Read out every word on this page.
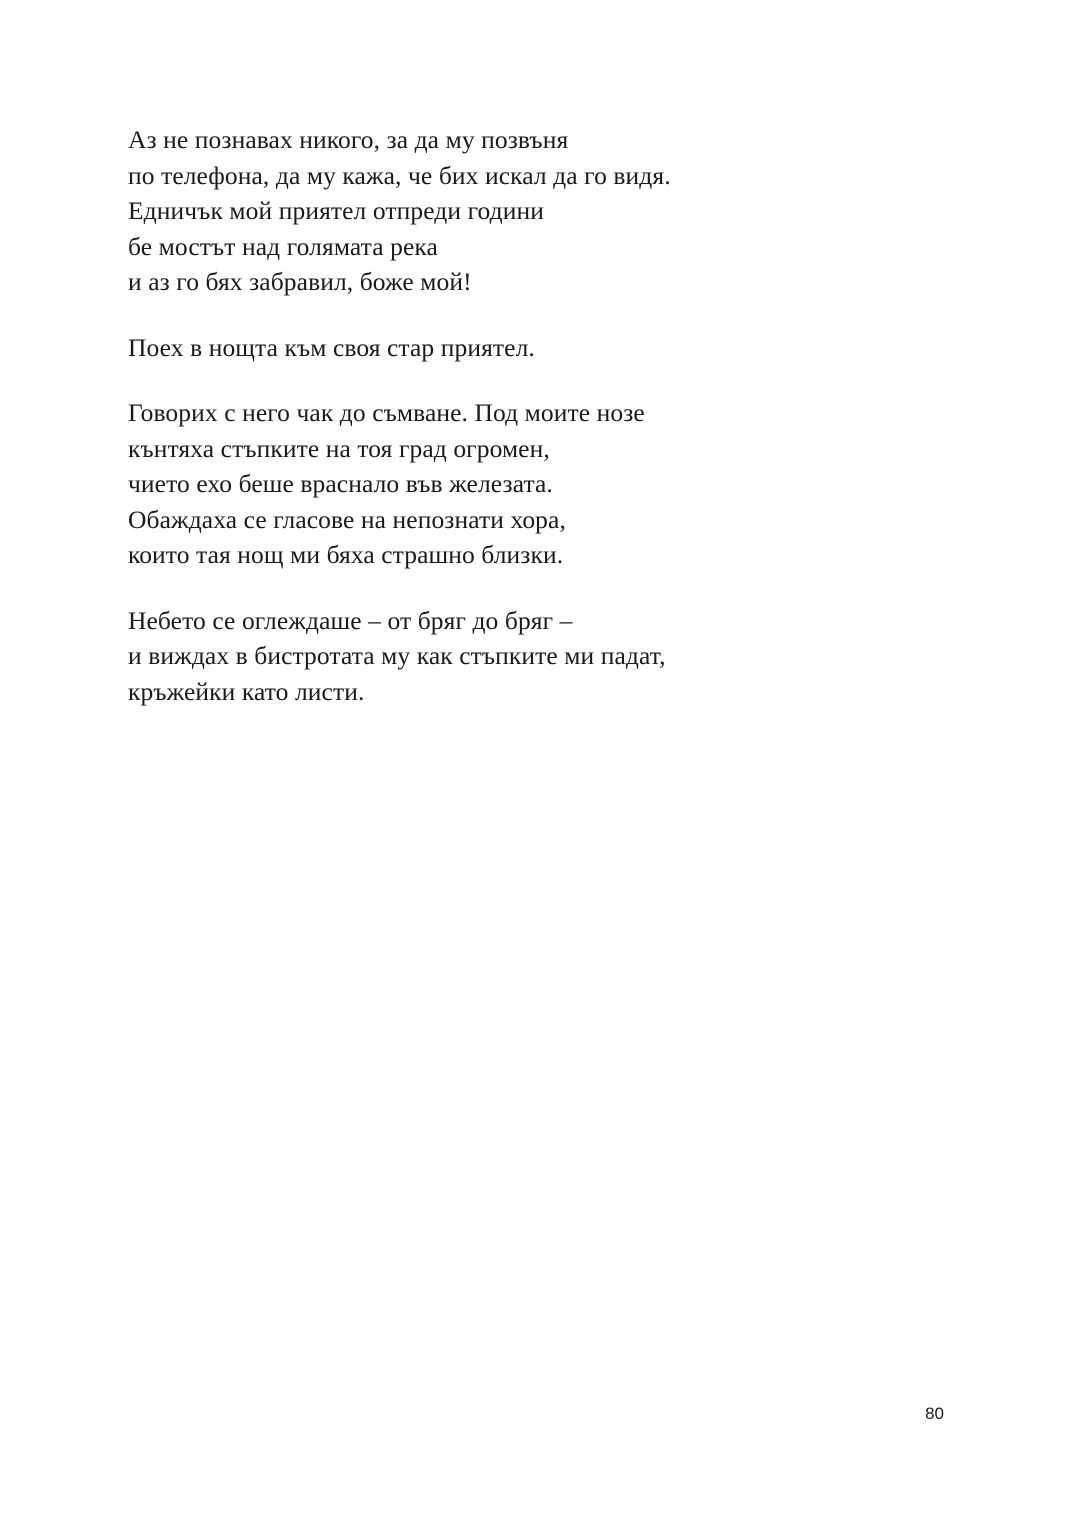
Аз не познавах никого, за да му позвъня
по телефона, да му кажа, че бих искал да го видя.
Едничък мой приятел отпреди години
бе мостът над голямата река
и аз го бях забравил, боже мой!
Поех в нощта към своя стар приятел.
Говорих с него чак до съмване. Под моите нозе
кънтяха стъпките на тоя град огромен,
чието ехо беше враснало във железата.
Обаждаха се гласове на непознати хора,
които тая нощ ми бяха страшно близки.
Небето се оглеждаше – от бряг до бряг –
и виждах в бистротата му как стъпките ми падат,
кръжейки като листи.
80
